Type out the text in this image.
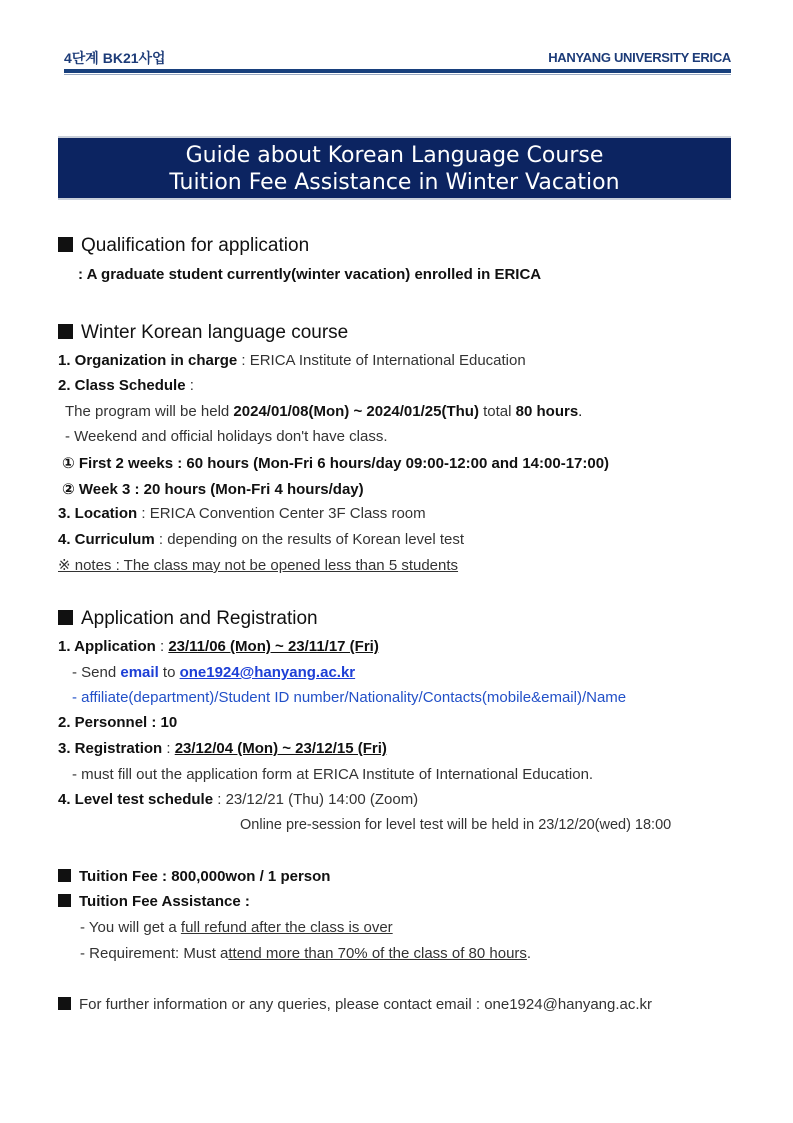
4단계 BK21사업	HANYANG UNIVERSITY ERICA
Guide about Korean Language Course
Tuition Fee Assistance in Winter Vacation
Qualification for application
: A graduate student currently(winter vacation) enrolled in ERICA
Winter Korean language course
1. Organization in charge : ERICA Institute of International Education
2. Class Schedule :
The program will be held 2024/01/08(Mon) ~ 2024/01/25(Thu) total 80 hours.
- Weekend and official holidays don't have class.
① First 2 weeks : 60 hours (Mon-Fri 6 hours/day 09:00-12:00 and 14:00-17:00)
② Week 3 : 20 hours (Mon-Fri 4 hours/day)
3. Location : ERICA Convention Center 3F Class room
4. Curriculum : depending on the results of Korean level test
※ notes : The class may not be opened less than 5 students
Application and Registration
1. Application : 23/11/06 (Mon) ~ 23/11/17 (Fri)
- Send email to one1924@hanyang.ac.kr
- affiliate(department)/Student ID number/Nationality/Contacts(mobile&email)/Name
2. Personnel : 10
3. Registration : 23/12/04 (Mon) ~ 23/12/15 (Fri)
- must fill out the application form at ERICA Institute of International Education.
4. Level test schedule : 23/12/21 (Thu) 14:00 (Zoom)
Online pre-session for level test will be held in 23/12/20(wed) 18:00
Tuition Fee : 800,000won / 1 person
Tuition Fee Assistance :
- You will get a full refund after the class is over
- Requirement: Must attend more than 70% of the class of 80 hours.
For further information or any queries, please contact email : one1924@hanyang.ac.kr
